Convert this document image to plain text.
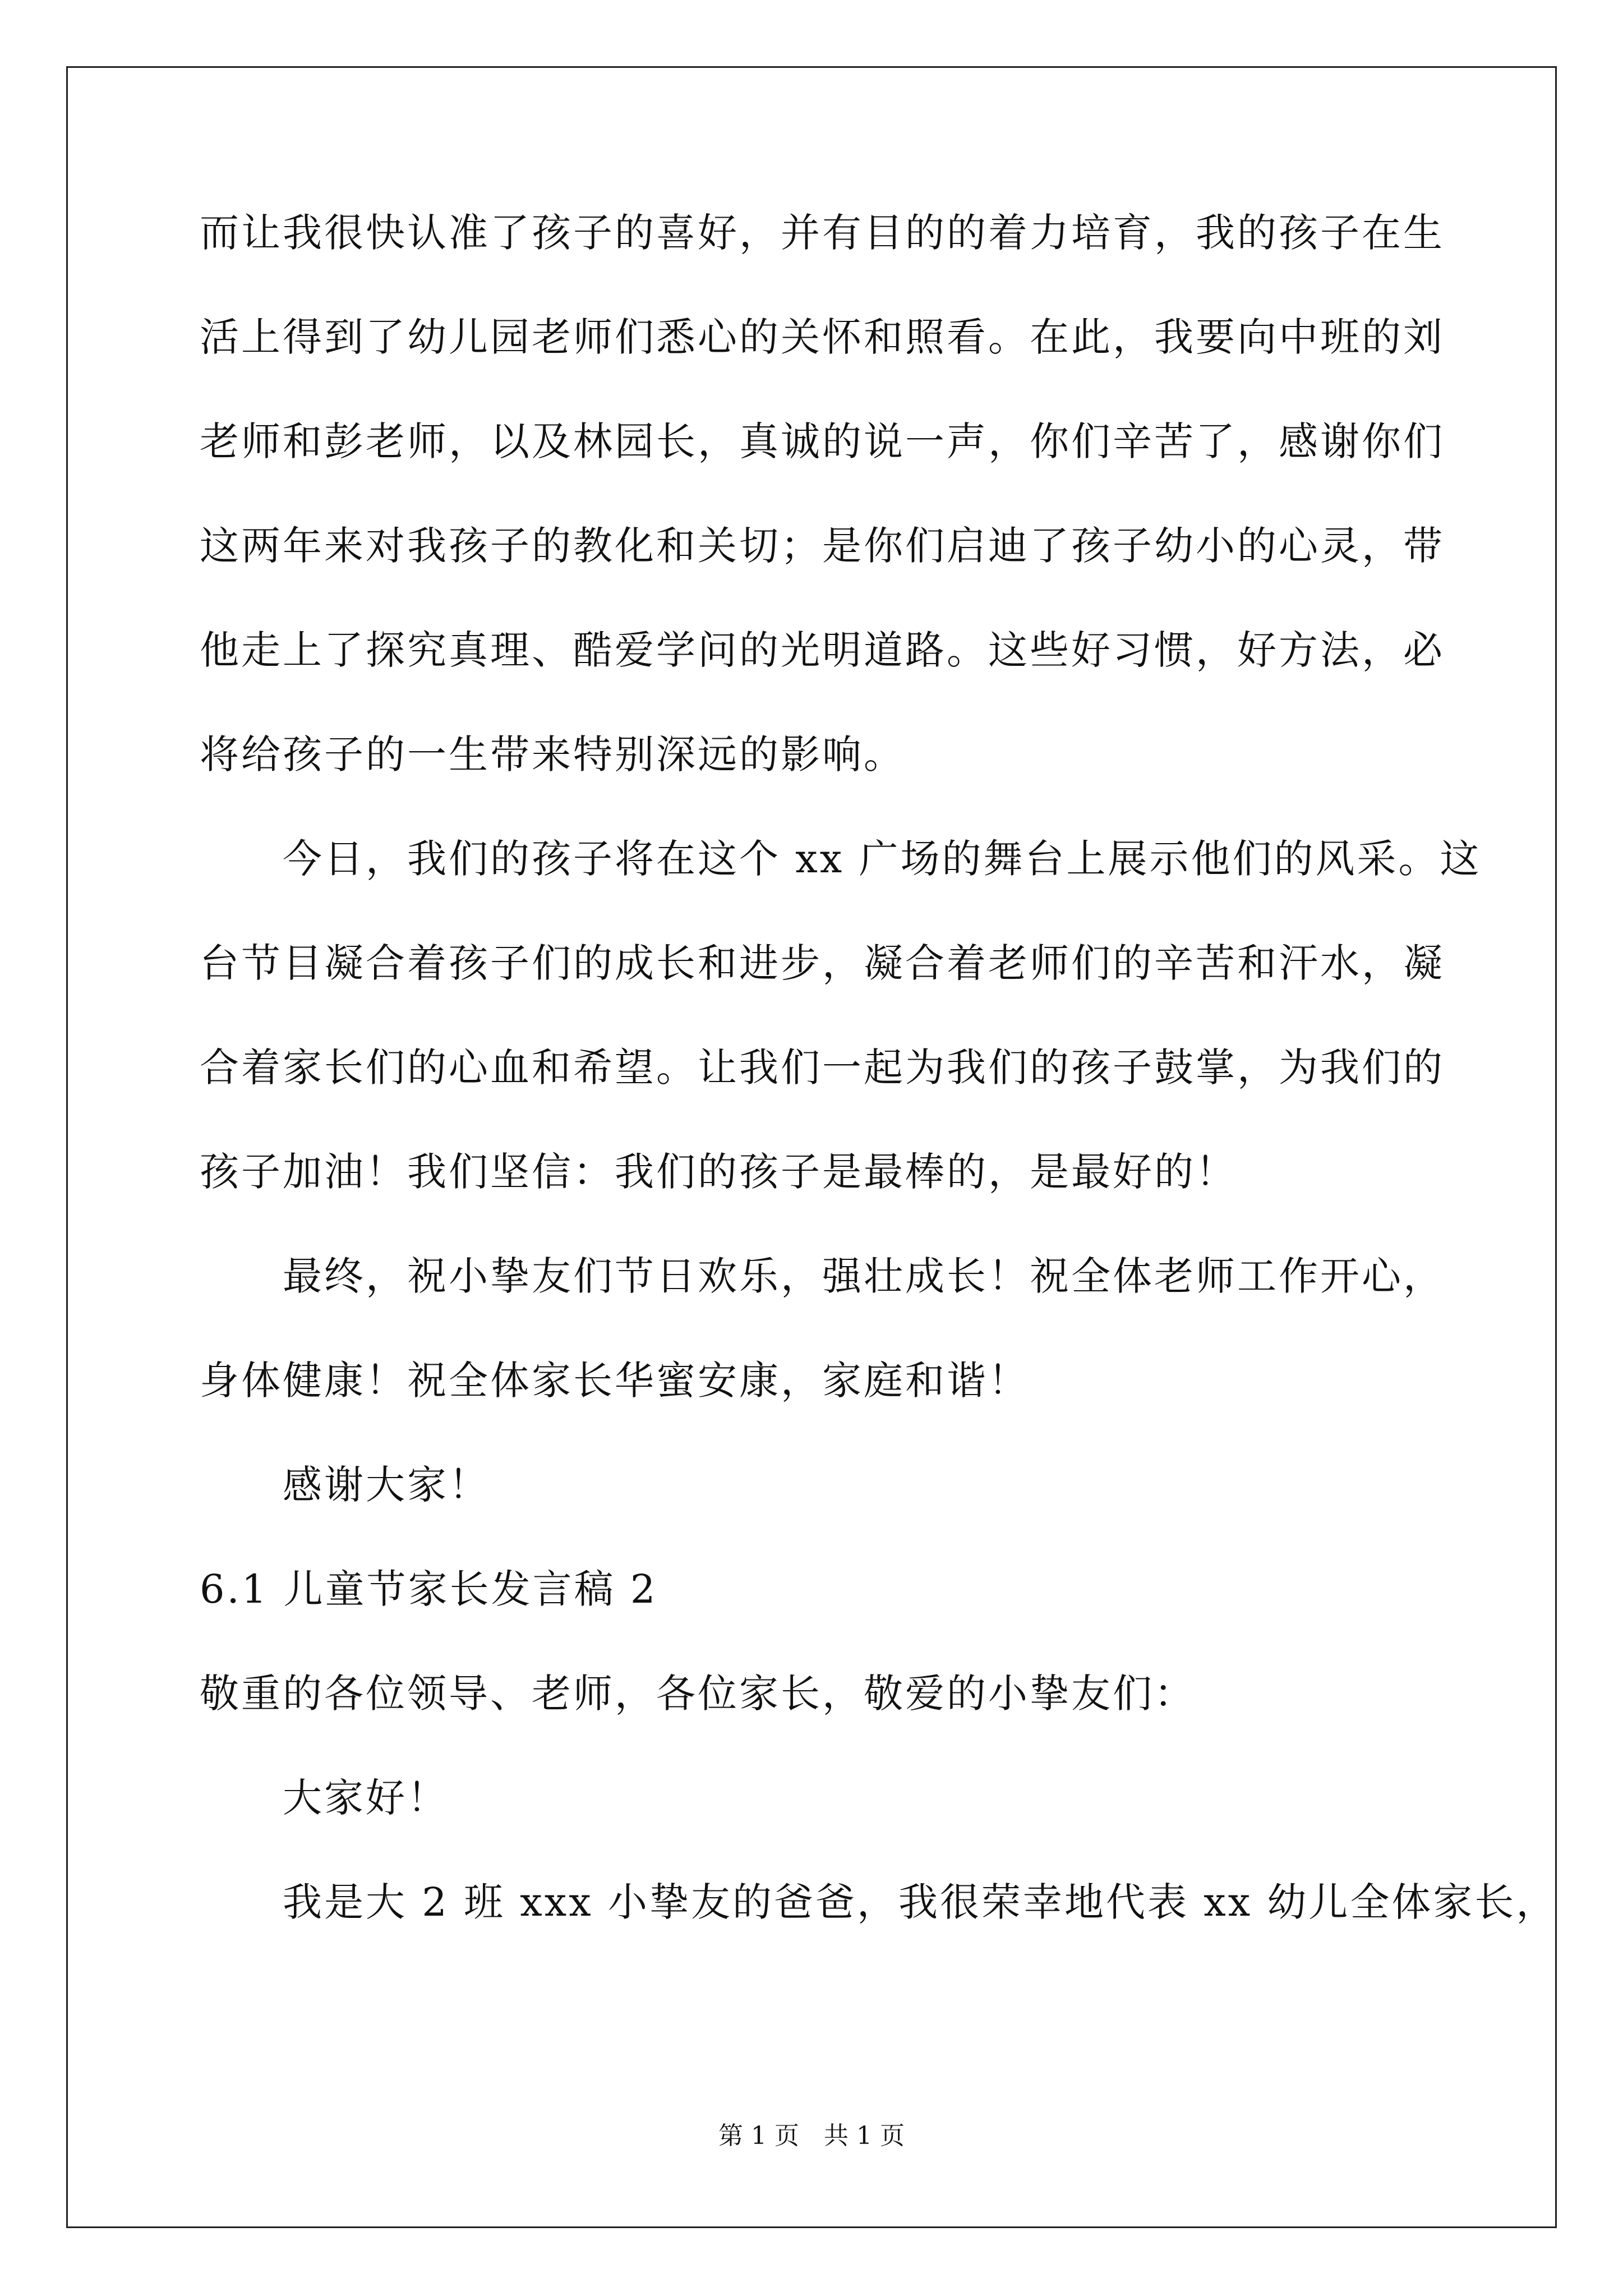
而让我很快认准了孩子的喜好，并有目的的着力培育，我的孩子在生
活上得到了幼儿园老师们悉心的关怀和照看。在此，我要向中班的刘
老师和彭老师，以及林园长，真诚的说一声，你们辛苦了，感谢你们
这两年来对我孩子的教化和关切；是你们启迪了孩子幼小的心灵，带
他走上了探究真理、酷爱学问的光明道路。这些好习惯，好方法，必
将给孩子的一生带来特别深远的影响。
今日，我们的孩子将在这个 xx 广场的舞台上展示他们的风采。这
台节目凝合着孩子们的成长和进步，凝合着老师们的辛苦和汗水，凝
合着家长们的心血和希望。让我们一起为我们的孩子鼓掌，为我们的
孩子加油！我们坚信：我们的孩子是最棒的，是最好的！
最终，祝小挚友们节日欢乐，强壮成长！祝全体老师工作开心，
身体健康！祝全体家长华蜜安康，家庭和谐！
感谢大家！
6.1 儿童节家长发言稿 2
敬重的各位领导、老师，各位家长，敬爱的小挚友们：
大家好！
我是大 2 班 xxx 小挚友的爸爸，我很荣幸地代表 xx 幼儿全体家长，
第 1 页　共 1 页
